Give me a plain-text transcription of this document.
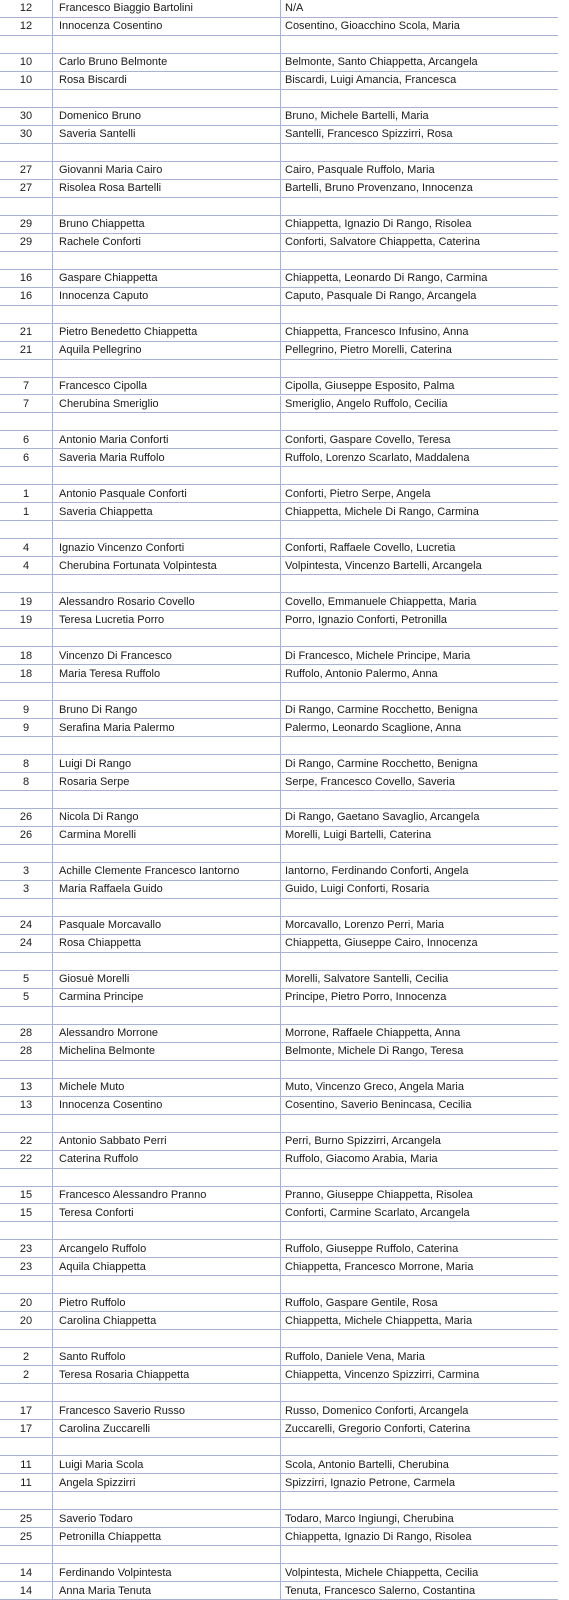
12	Francesco Biaggio Bartolini	N/A
12	Innocenza Cosentino	Cosentino, Gioacchino Scola, Maria
10	Carlo Bruno Belmonte	Belmonte, Santo Chiappetta, Arcangela
10	Rosa Biscardi	Biscardi, Luigi Amancia, Francesca
30	Domenico Bruno	Bruno, Michele Bartelli, Maria
30	Saveria Santelli	Santelli, Francesco Spizzirri, Rosa
27	Giovanni Maria Cairo	Cairo, Pasquale Ruffolo, Maria
27	Risolea Rosa Bartelli	Bartelli, Bruno Provenzano, Innocenza
29	Bruno Chiappetta	Chiappetta, Ignazio Di Rango, Risolea
29	Rachele Conforti	Conforti, Salvatore Chiappetta, Caterina
16	Gaspare Chiappetta	Chiappetta, Leonardo Di Rango, Carmina
16	Innocenza Caputo	Caputo, Pasquale Di Rango, Arcangela
21	Pietro Benedetto Chiappetta	Chiappetta, Francesco Infusino, Anna
21	Aquila Pellegrino	Pellegrino, Pietro Morelli, Caterina
7	Francesco Cipolla	Cipolla, Giuseppe Esposito, Palma
7	Cherubina Smeriglio	Smeriglio, Angelo Ruffolo, Cecilia
6	Antonio Maria Conforti	Conforti, Gaspare Covello, Teresa
6	Saveria Maria Ruffolo	Ruffolo, Lorenzo Scarlato, Maddalena
1	Antonio Pasquale Conforti	Conforti, Pietro Serpe, Angela
1	Saveria Chiappetta	Chiappetta, Michele Di Rango, Carmina
4	Ignazio Vincenzo Conforti	Conforti, Raffaele Covello, Lucretia
4	Cherubina Fortunata Volpintesta	Volpintesta, Vincenzo Bartelli, Arcangela
19	Alessandro Rosario Covello	Covello, Emmanuele Chiappetta, Maria
19	Teresa Lucretia Porro	Porro, Ignazio Conforti, Petronilla
18	Vincenzo Di Francesco	Di Francesco, Michele Principe, Maria
18	Maria Teresa Ruffolo	Ruffolo, Antonio Palermo, Anna
9	Bruno Di Rango	Di Rango, Carmine Rocchetto, Benigna
9	Serafina Maria Palermo	Palermo, Leonardo Scaglione, Anna
8	Luigi Di Rango	Di Rango, Carmine Rocchetto, Benigna
8	Rosaria Serpe	Serpe, Francesco Covello, Saveria
26	Nicola Di Rango	Di Rango, Gaetano Savaglio, Arcangela
26	Carmina Morelli	Morelli, Luigi Bartelli, Caterina
3	Achille Clemente Francesco Iantorno	Iantorno, Ferdinando Conforti, Angela
3	Maria Raffaela Guido	Guido, Luigi Conforti, Rosaria
24	Pasquale Morcavallo	Morcavallo, Lorenzo Perri, Maria
24	Rosa Chiappetta	Chiappetta, Giuseppe Cairo, Innocenza
5	Giosuè Morelli	Morelli, Salvatore Santelli, Cecilia
5	Carmina Principe	Principe, Pietro Porro, Innocenza
28	Alessandro Morrone	Morrone, Raffaele Chiappetta, Anna
28	Michelina Belmonte	Belmonte, Michele Di Rango, Teresa
13	Michele Muto	Muto, Vincenzo Greco, Angela Maria
13	Innocenza Cosentino	Cosentino, Saverio Benincasa, Cecilia
22	Antonio Sabbato Perri	Perri, Burno Spizzirri, Arcangela
22	Caterina Ruffolo	Ruffolo, Giacomo Arabia, Maria
15	Francesco Alessandro Pranno	Pranno, Giuseppe Chiappetta, Risolea
15	Teresa Conforti	Conforti, Carmine Scarlato, Arcangela
23	Arcangelo Ruffolo	Ruffolo, Giuseppe Ruffolo, Caterina
23	Aquila Chiappetta	Chiappetta, Francesco Morrone, Maria
20	Pietro Ruffolo	Ruffolo, Gaspare Gentile, Rosa
20	Carolina Chiappetta	Chiappetta, Michele Chiappetta, Maria
2	Santo Ruffolo	Ruffolo, Daniele Vena, Maria
2	Teresa Rosaria Chiappetta	Chiappetta, Vincenzo Spizzirri, Carmina
17	Francesco Saverio Russo	Russo, Domenico Conforti, Arcangela
17	Carolina Zuccarelli	Zuccarelli, Gregorio Conforti, Caterina
11	Luigi Maria Scola	Scola, Antonio Bartelli, Cherubina
11	Angela Spizzirri	Spizzirri, Ignazio Petrone, Carmela
25	Saverio Todaro	Todaro, Marco Ingiungi, Cherubina
25	Petronilla Chiappetta	Chiappetta, Ignazio Di Rango, Risolea
14	Ferdinando Volpintesta	Volpintesta, Michele Chiappetta, Cecilia
14	Anna Maria Tenuta	Tenuta, Francesco Salerno, Costantina
